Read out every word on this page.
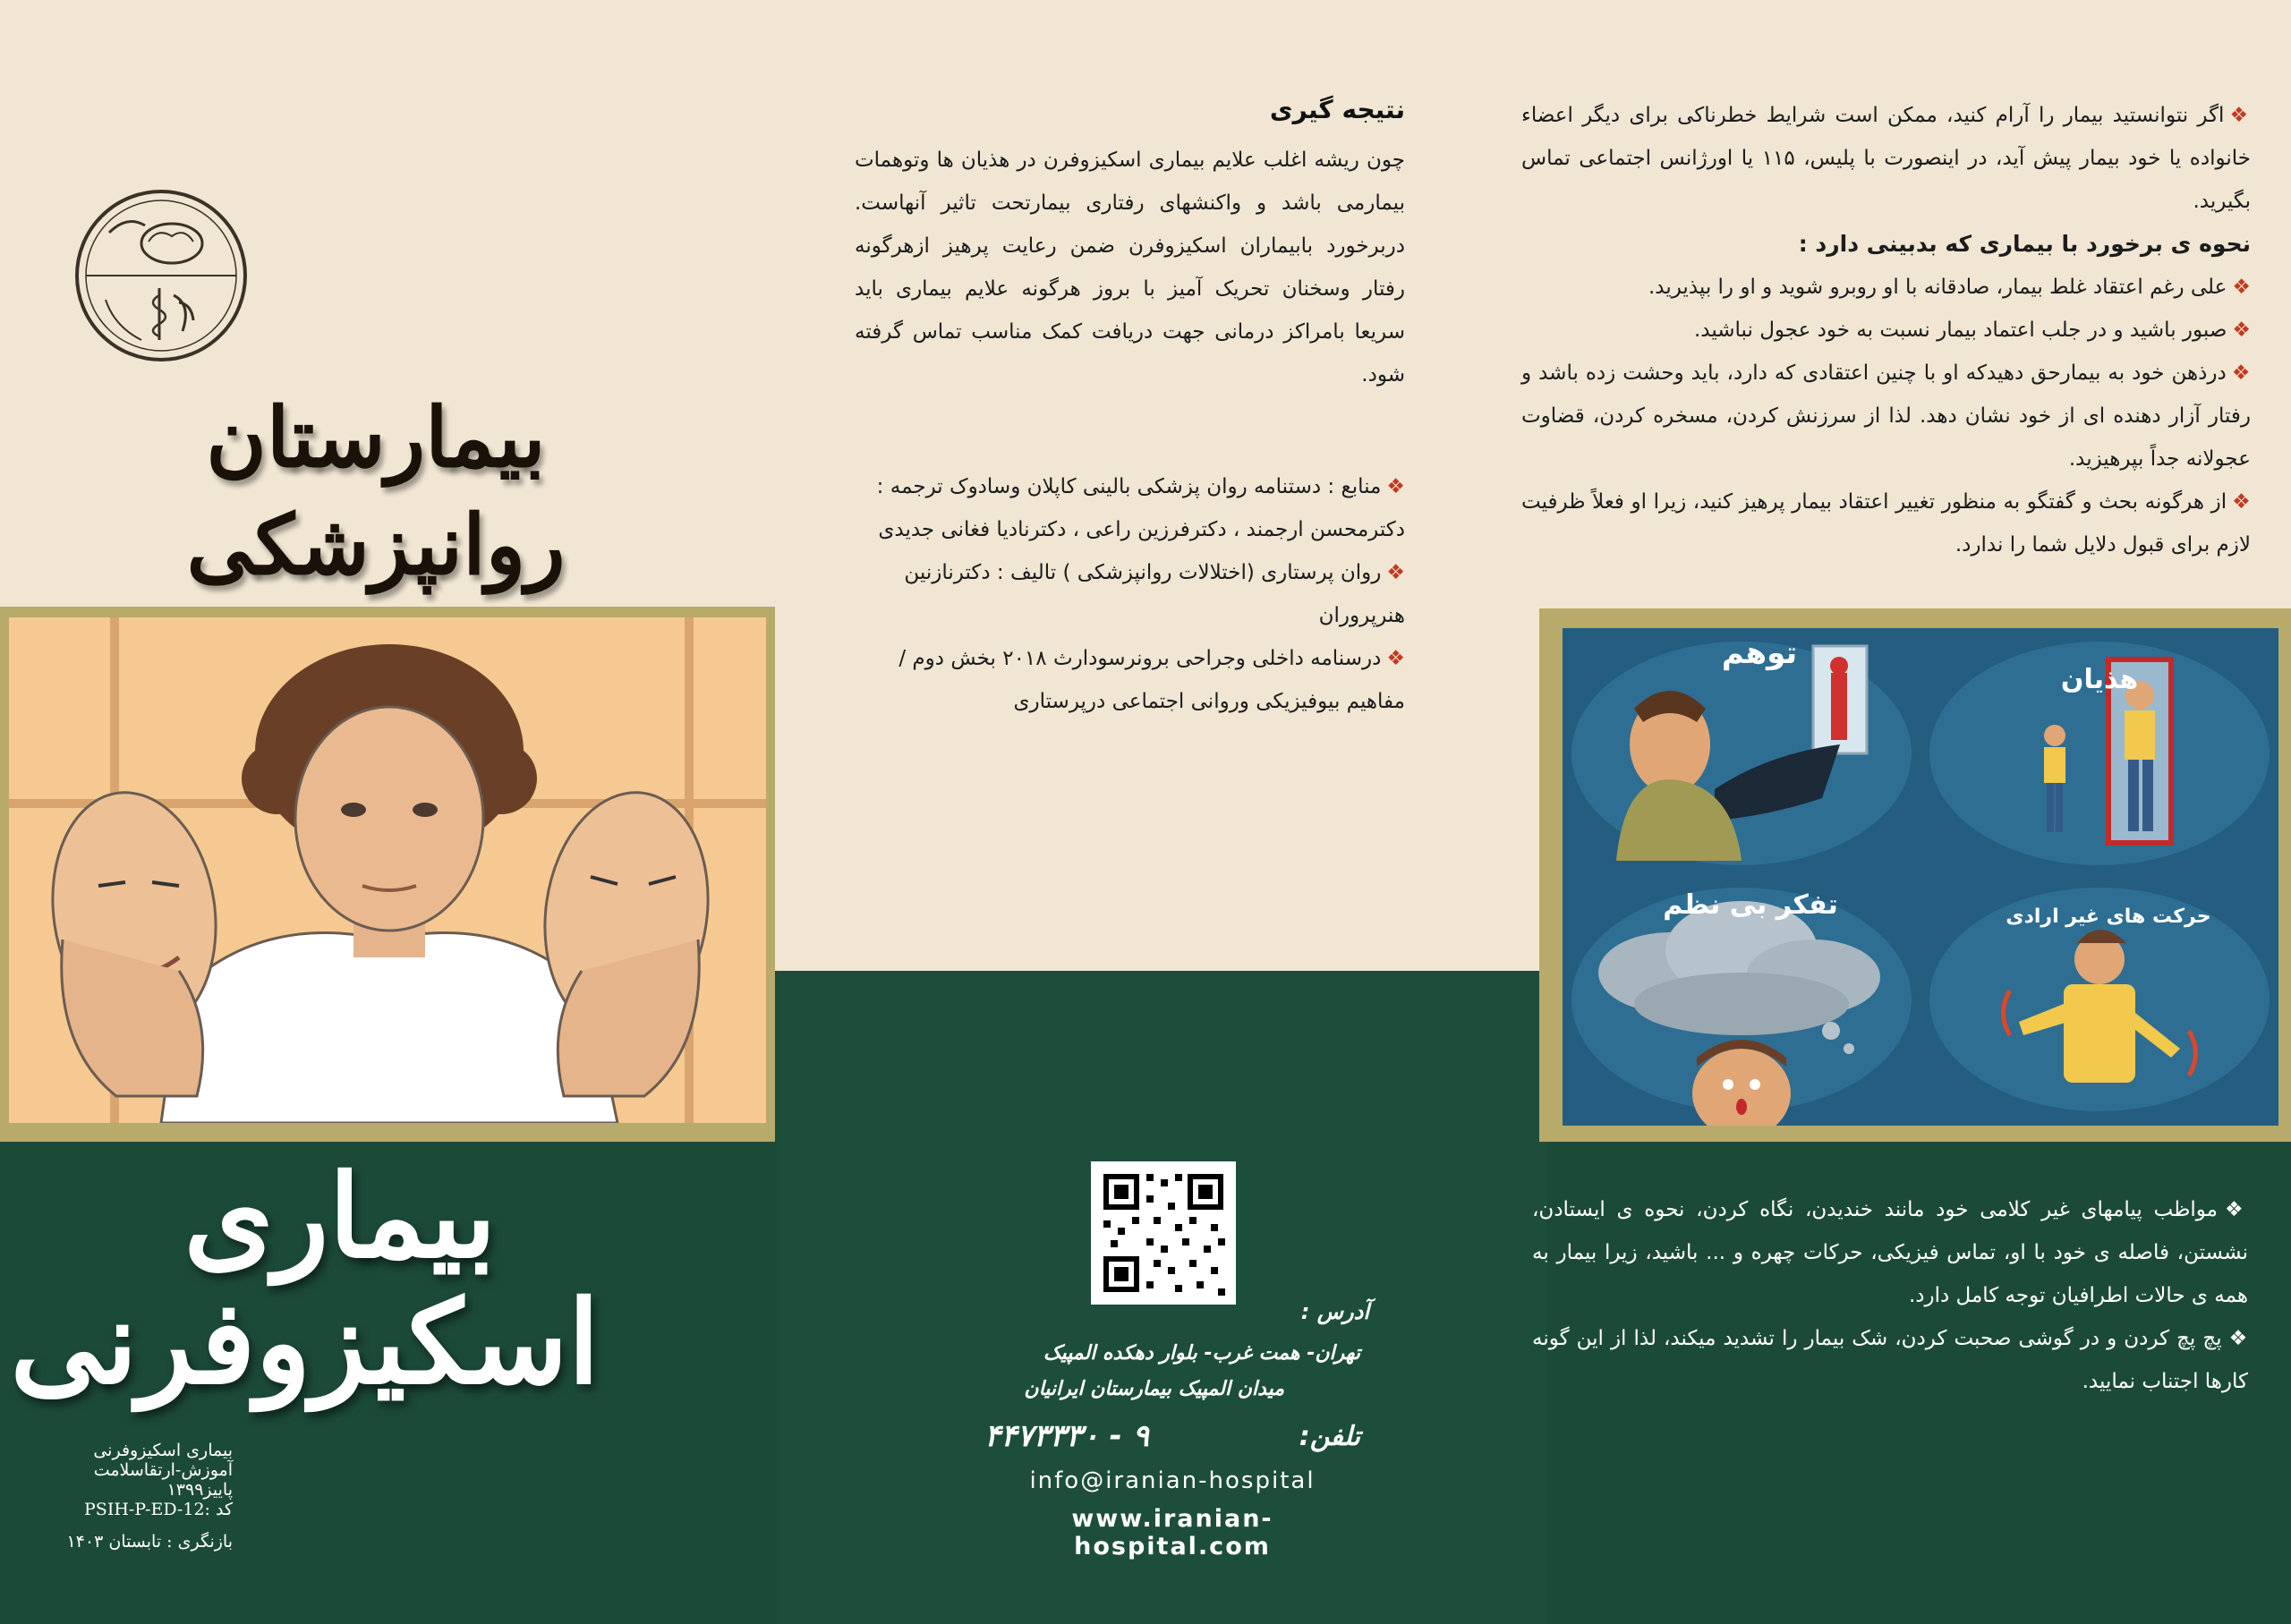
بیمارستان روانپزشکی
بیماری اسکیزوفرنی
بیماری اسکیزوفرنی
آموزش-ارتقاسلامت
پاییز۱۳۹۹
کد :PSIH-P-ED-12
بازنگری : تابستان ۱۴۰۳
نتیجه گیری
چون ریشه اغلب علایم بیماری اسکیزوفرن در هذیان ها وتوهمات بیمارمی باشد و واکنشهای رفتاری بیمارتحت تاثیر آنهاست. دربرخورد بابیماران اسکیزوفرن ضمن رعایت پرهیز ازهرگونه رفتار وسخنان تحریک آمیز با بروز هرگونه علایم بیماری باید سریعا بامراکز درمانی جهت دریافت کمک مناسب تماس گرفته شود.
❖منابع : دستنامه روان پزشکی بالینی کاپلان وسادوک ترجمه : دکترمحسن ارجمند ، دکترفرزین راعی ، دکترنادیا فغانی جدیدی
❖روان پرستاری (اختلالات روانپزشکی ) تالیف : دکترنازنین هنرپروران
❖درسنامه داخلی وجراحی برونرسودارث ۲۰۱۸ بخش دوم /مفاهیم بیوفیزیکی وروانی اجتماعی درپرستاری
آدرس :
تهران- همت غرب- بلوار دهکده المپیک
میدان المپیک بیمارستان ایرانیان
تلفن:
۴۴۷۳۳۳۰ - ۹
info@iranian-hospital
www.iranian-hospital.com

❖اگر نتوانستید بیمار را آرام کنید، ممکن است شرایط خطرناکی برای دیگر اعضاء خانواده یا خود بیمار پیش آید، در اینصورت با پلیس، ۱۱۵ یا اورژانس اجتماعی تماس بگیرید.

نحوه ی برخورد با بیماری که بدبینی دارد :

❖علی رغم اعتقاد غلط بیمار، صادقانه با او روبرو شوید و او را بپذیرید.

❖صبور باشید و در جلب اعتماد بیمار نسبت به خود عجول نباشید.

❖درذهن خود به بیمارحق دهیدکه او با چنین اعتقادی که دارد، باید وحشت زده باشد و رفتار آزار دهنده ای از خود نشان دهد. لذا از سرزنش کردن، مسخره کردن، قضاوت عجولانه جداً بپرهیزید.

❖از هرگونه بحث و گفتگو به منظور تغییر اعتقاد بیمار پرهیز کنید، زیرا او فعلاً ظرفیت لازم برای قبول دلایل شما را ندارد.

توهم
هذیان
تفکر بی نظم	حرکت های غیر ارادی

❖مواظب پیامهای غیر کلامی خود مانند خندیدن، نگاه کردن، نحوه ی ایستادن، نشستن، فاصله ی خود با او، تماس فیزیکی، حرکات چهره و ... باشید، زیرا بیمار به همه ی حالات اطرافیان توجه کامل دارد.

❖پچ پچ کردن و در گوشی صحبت کردن، شک بیمار را تشدید میکند، لذا از این گونه کارها اجتناب نمایید.
